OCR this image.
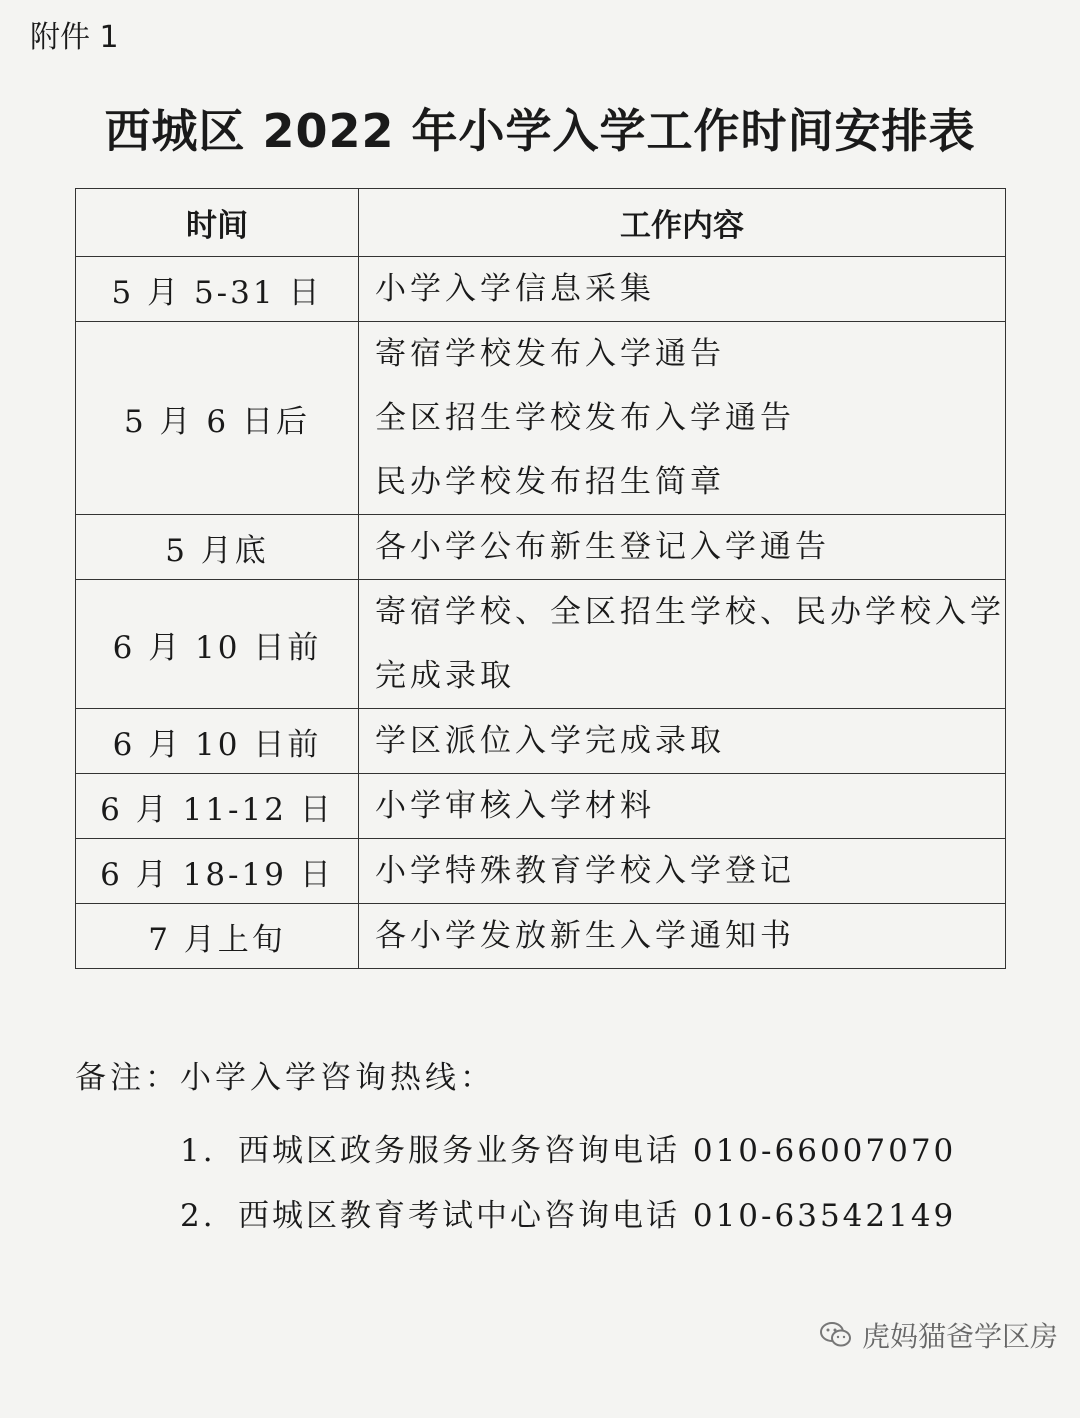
附件 1
西城区 2022 年小学入学工作时间安排表
时间	工作内容
5 月 5-31 日	小学入学信息采集

5 月 6 日后	寄宿学校发布入学通告
全区招生学校发布入学通告
民办学校发布招生简章

5 月底	各小学公布新生登记入学通告

6 月 10 日前	寄宿学校、全区招生学校、民办学校入学
完成录取

6 月 10 日前	学区派位入学完成录取

6 月 11-12 日	小学审核入学材料

6 月 18-19 日	小学特殊教育学校入学登记

7 月上旬	各小学发放新生入学通知书
备注：小学入学咨询热线：
1. 西城区政务服务业务咨询电话 010-66007070
2. 西城区教育考试中心咨询电话 010-63542149
虎妈猫爸学区房
